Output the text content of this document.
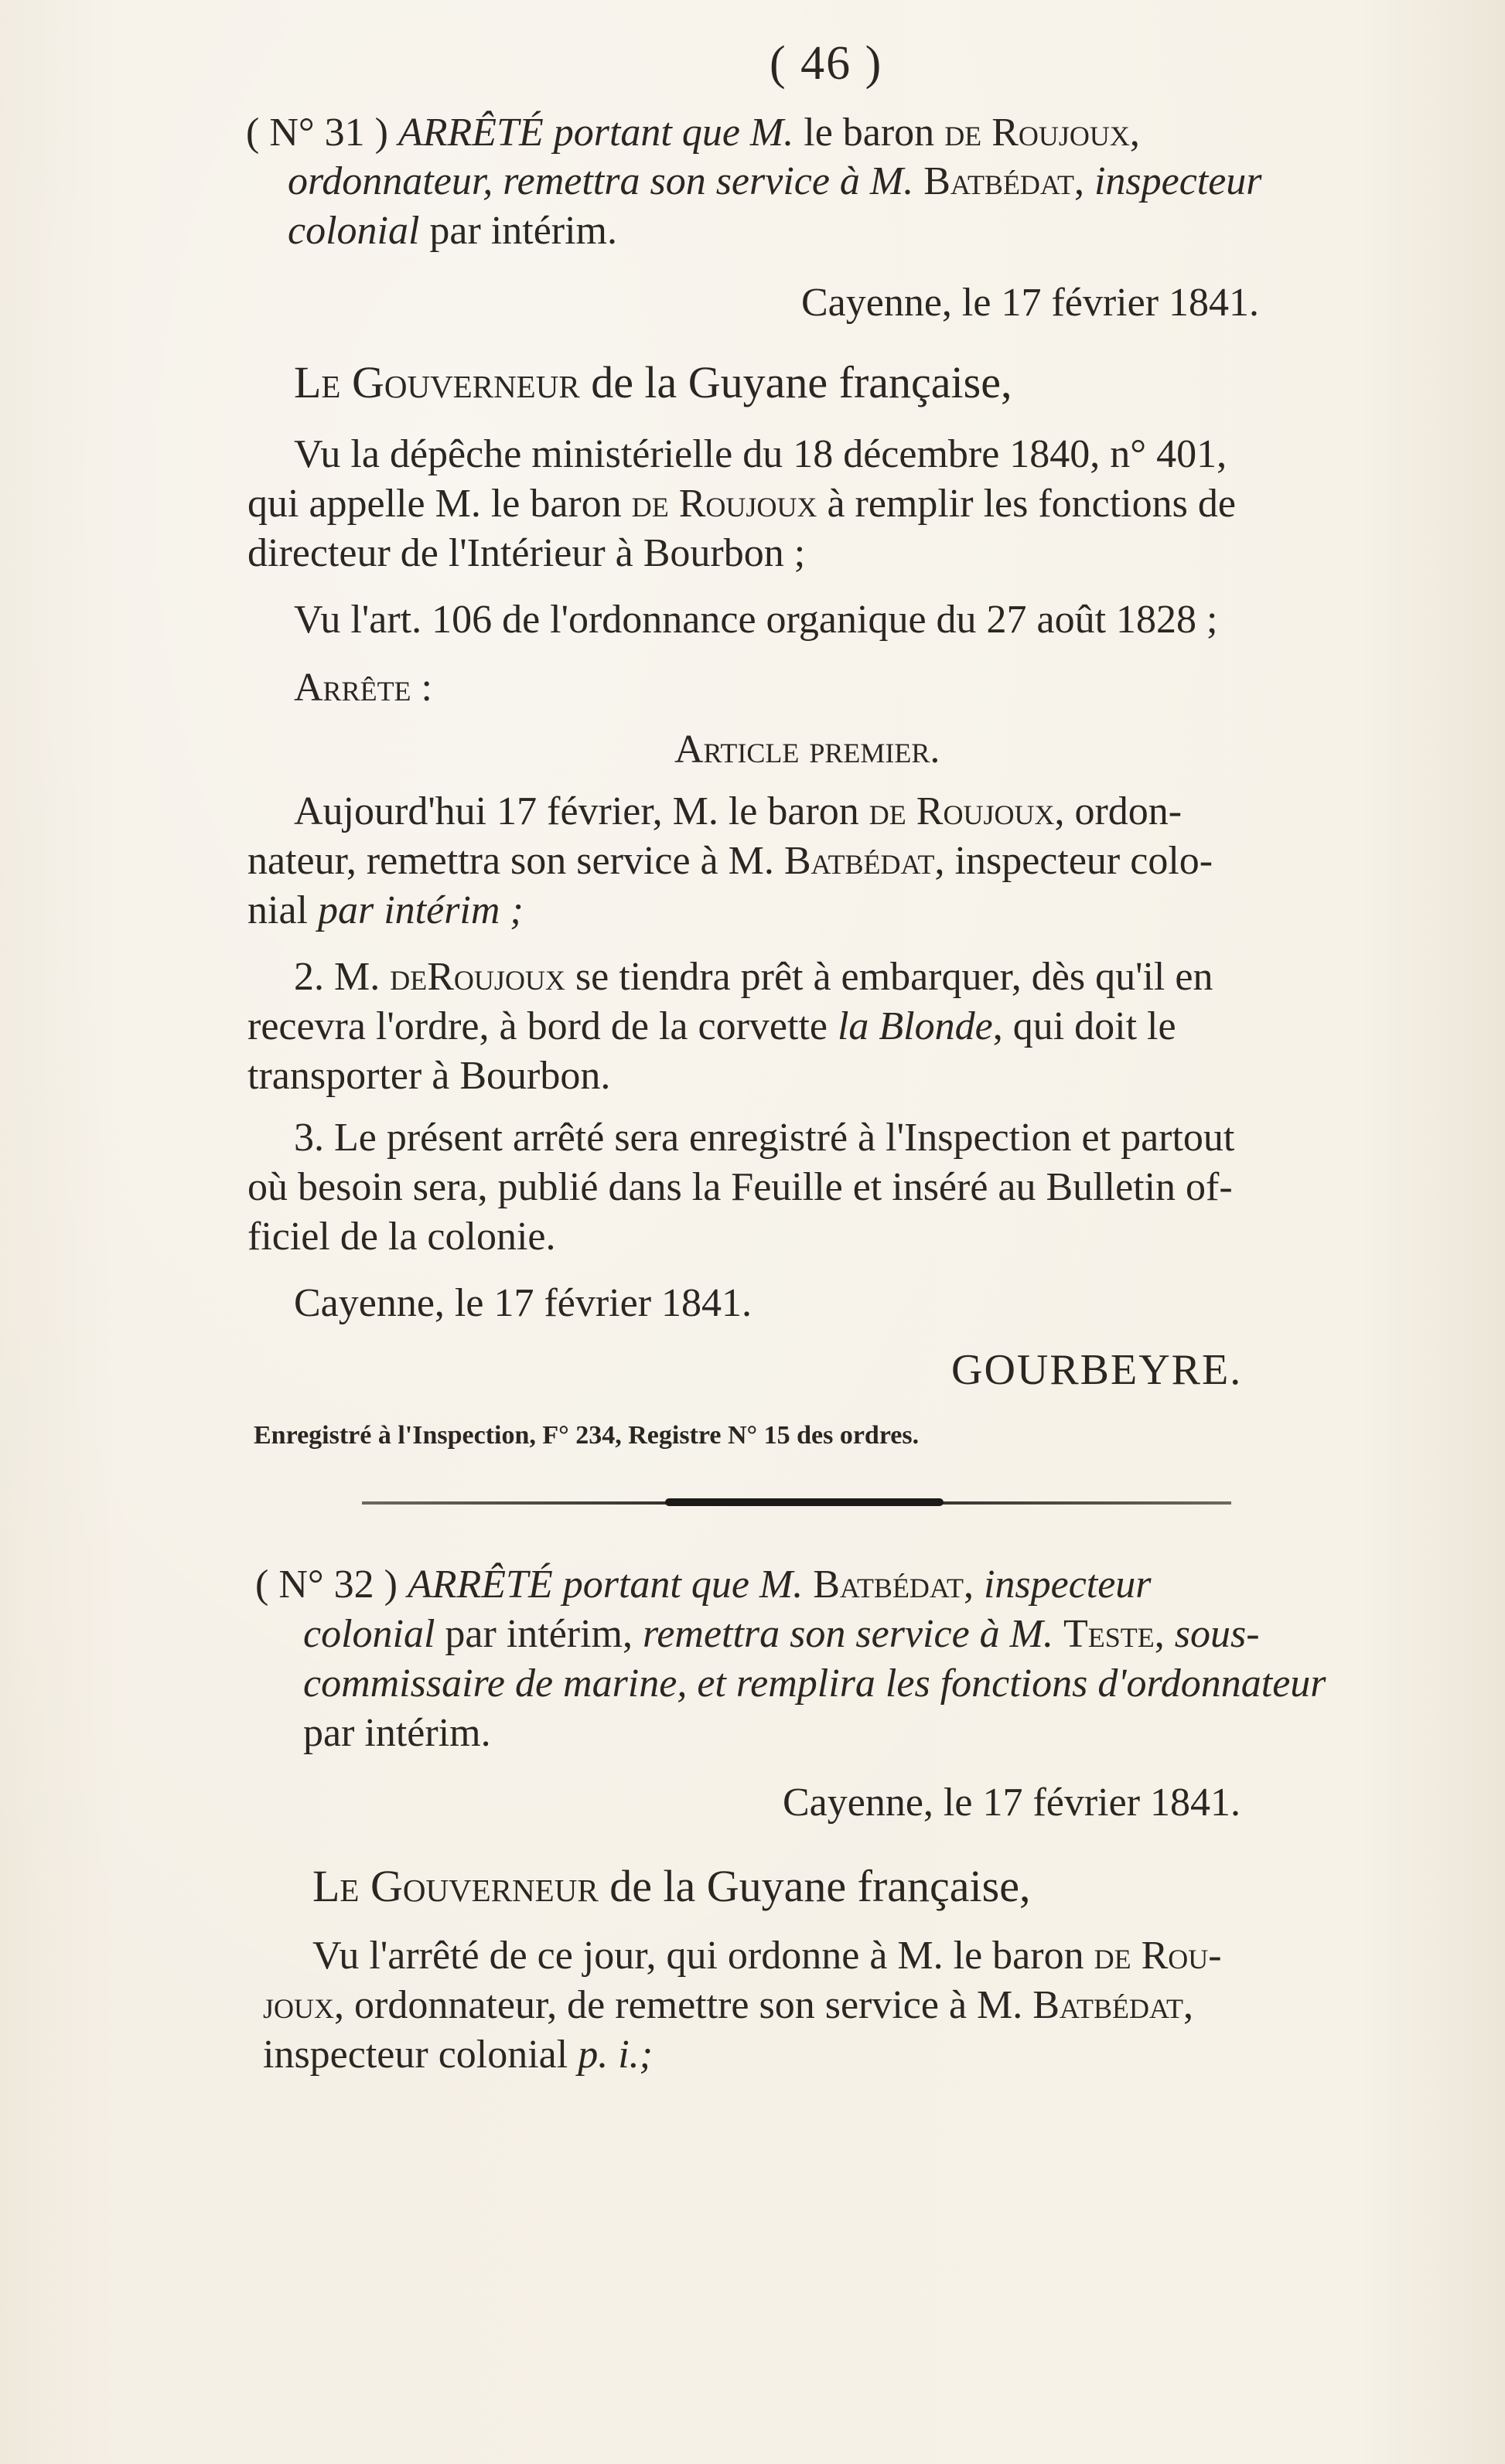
( 46 )
( N° 31 ) ARRÊTÉ portant que M. le baron de Roujoux,
ordonnateur, remettra son service à M. Batbédat, inspecteur
colonial par intérim.
Cayenne, le 17 février 1841.
Le Gouverneur de la Guyane française,
Vu la dépêche ministérielle du 18 décembre 1840, n° 401,
qui appelle M. le baron de Roujoux à remplir les fonctions de
directeur de l'Intérieur à Bourbon ;
Vu l'art. 106 de l'ordonnance organique du 27 août 1828 ;
Arrête :
Article premier.
Aujourd'hui 17 février, M. le baron de Roujoux, ordon-
nateur, remettra son service à M. Batbédat, inspecteur colo-
nial par intérim ;
2. M. deRoujoux se tiendra prêt à embarquer, dès qu'il en
recevra l'ordre, à bord de la corvette la Blonde, qui doit le
transporter à Bourbon.
3. Le présent arrêté sera enregistré à l'Inspection et partout
où besoin sera, publié dans la Feuille et inséré au Bulletin of-
ficiel de la colonie.
Cayenne, le 17 février 1841.
GOURBEYRE.
Enregistré à l'Inspection, F° 234, Registre N° 15 des ordres.
( N° 32 ) ARRÊTÉ portant que M. Batbédat, inspecteur
colonial par intérim, remettra son service à M. Teste, sous-
commissaire de marine, et remplira les fonctions d'ordonnateur
par intérim.
Cayenne, le 17 février 1841.
Le Gouverneur de la Guyane française,
Vu l'arrêté de ce jour, qui ordonne à M. le baron de Rou-
joux, ordonnateur, de remettre son service à M. Batbédat,
inspecteur colonial p. i.;
